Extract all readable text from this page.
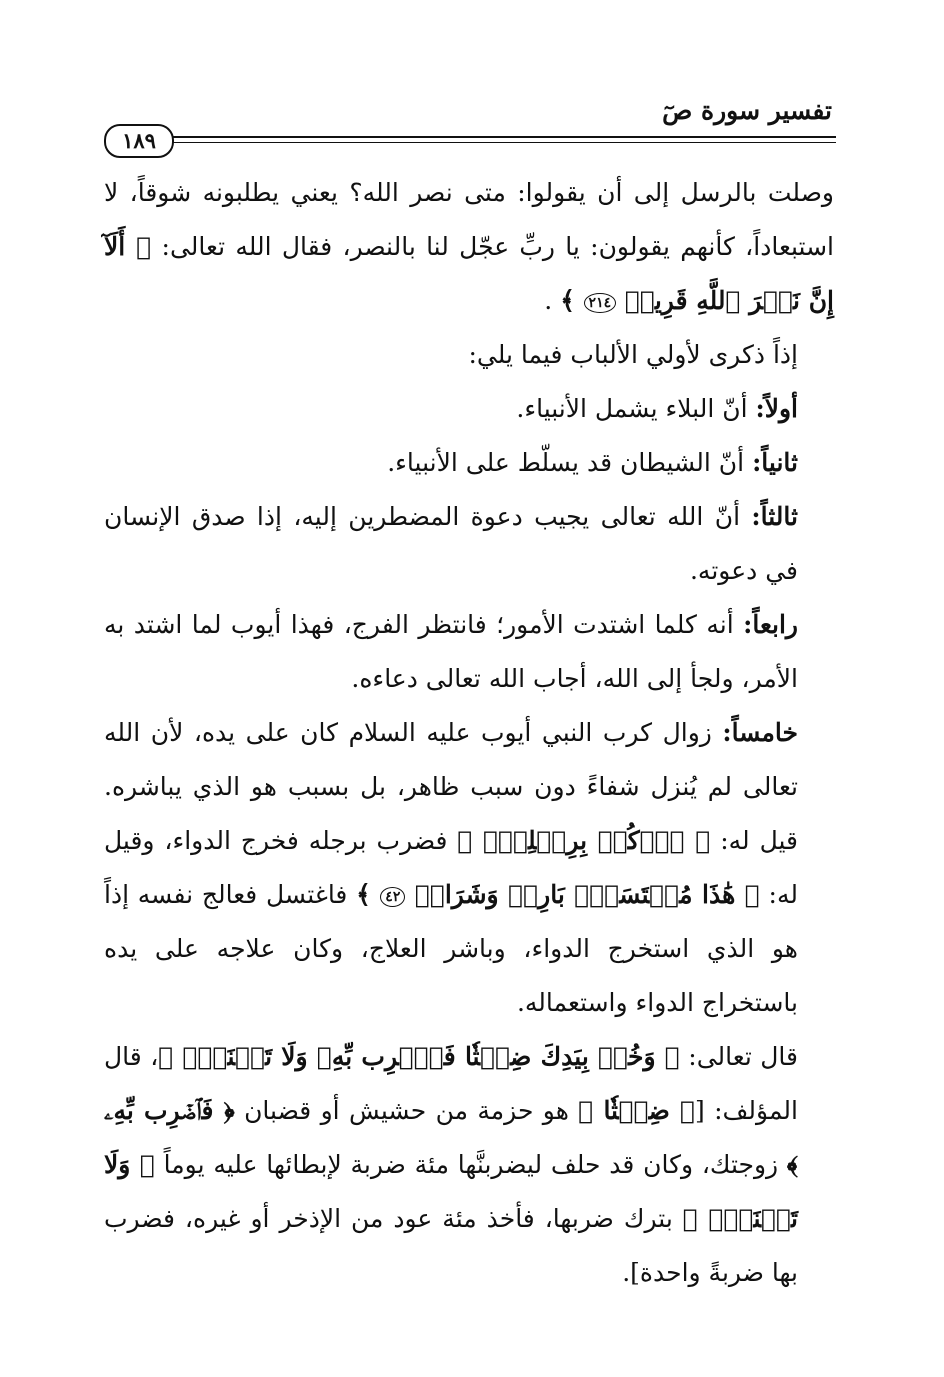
تفسير سورة صٓ
١٨٩

وصلت بالرسل إلى أن يقولوا: متى نصر الله؟ يعني يطلبونه شوقاً، لا استبعاداً، كأنهم يقولون: يا ربِّ عجّل لنا بالنصر، فقال الله تعالى: ﴿ أَلَآ إِنَّ نَصۡرَ ٱللَّهِ قَرِيبٞ ٢١٤ ﴾ .

إذاً ذكرى لأولي الألباب فيما يلي:

أولاً: أنّ البلاء يشمل الأنبياء.

ثانياً: أنّ الشيطان قد يسلّط على الأنبياء.

ثالثاً: أنّ الله تعالى يجيب دعوة المضطرين إليه، إذا صدق الإنسان في دعوته.

رابعاً: أنه كلما اشتدت الأمور؛ فانتظر الفرج، فهذا أيوب لما اشتد به الأمر، ولجأ إلى الله، أجاب الله تعالى دعاءه.

خامساً: زوال كرب النبي أيوب عليه السلام كان على يده، لأن الله تعالى لم يُنزل شفاءً دون سبب ظاهر، بل بسبب هو الذي يباشره. قيل له: ﴿ ٱرۡكُضۡ بِرِجۡلِكَۖ ﴾ فضرب برجله فخرج الدواء، وقيل له: ﴿ هَٰذَا مُغۡتَسَلُۢ بَارِدٞ وَشَرَابٞ ٤٢ ﴾ فاغتسل فعالج نفسه إذاً هو الذي استخرج الدواء، وباشر العلاج، وكان علاجه على يده باستخراج الدواء واستعماله.

قال تعالى: ﴿ وَخُذۡ بِيَدِكَ ضِغۡثٗا فَٱضۡرِب بِّهِۦ وَلَا تَحۡنَثۡۗ ﴾، قال المؤلف: [﴿ ضِغۡثٗا ﴾ هو حزمة من حشيش أو قضبان ﴿ فَٱضۡرِب بِّهِۦ ﴾ زوجتك، وكان قد حلف ليضربنَّها مئة ضربة لإبطائها عليه يوماً ﴿ وَلَا تَحۡنَثۡۗ ﴾ بترك ضربها، فأخذ مئة عود من الإذخر أو غيره، فضرب بها ضربةً واحدة].
